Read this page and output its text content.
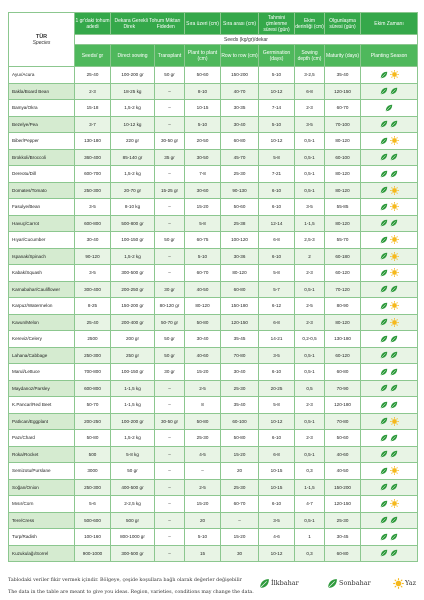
TÜR
Species	1 gr'daki tohum adedi	Dekara Gerekli Tohum Miktarı
Direk Fideden		Sıra üzeri (cm)	Sıra arası (cm)	Tahmini çimlenme süresi (gün)	Ekim derinliği (cm)	Olgunlaşma süresi (gün)	Ekim Zamanı
	Seeds (kg/gr)/dekar								
	Seeds/ gr	Direct sowing	Transplant	Plant to plant (cm)	Row to row (cm)	Germination (days)	Sowing depth (cm)	Maturity (days)	Planting Season
Ayuı/Acura	25-40	100-200 gr	50 gr	50-60	150-200	5-10	3-2,5	35-40	
Bakla/Board Bean	2-3	18-25 kg	–	8-10	40-70	10-12	6-8	120-150	
Bamya/Okra	15-18	1,5-2 kg	–	10-15	30-35	7-14	2-3	60-70	
Bezelye/Pea	3-7	10-12 kg	–	5-10	30-40	5-10	3-5	70-100	
Biber/Pepper	130-180	220 gr	30-50 gr	20-50	60-80	10-12	0,5-1	80-120	
Brokkoli/Broccoli	360-400	85-140 gr	35 gr	30-50	45-70	5-8	0,5-1	60-100	
Dereotu/Dill	600-700	1,5-2 kg	–	7-8	25-30	7-21	0,5-1	80-120	
Domates/Tomato	250-300	20-70 gr	15-25 gr	30-60	90-130	6-10	0,5-1	80-120	
Fasulye/Bean	3-5	8-10 kg	–	15-20	50-60	6-10	3-5	55-85	
Havuç/Carrot	600-800	500-800 gr	–	5-8	25-38	12-14	1-1,5	80-120	
Hıyar/Cucumber	30-40	100-150 gr	50 gr	60-75	100-120	6-8	2,5-3	55-70	
Ispanak/Spinach	90-120	1,5-2 kg	–	5-10	30-36	6-10	2	60-180	
Kabak/Squash	3-5	300-500 gr	–	60-70	80-120	5-8	2-3	60-120	
Karnabahar/Cauliflower	300-400	200-250 gr	30 gr	40-50	60-80	5-7	0,5-1	70-120	
Karpuz/Watermelon	8-25	150-200 gr	80-120 gr	80-120	150-180	6-12	2-5	80-90	
Kavun/Melon	25-40	200-400 gr	50-70 gr	50-80	120-150	6-8	2-3	80-120	
Kereviz/Celery	2500	200 gr	50 gr	30-40	35-45	14-21	0,2-0,5	130-180	
Lahana/Cabbage	250-300	250 gr	50 gr	40-60	70-80	3-5	0,5-1	60-120	
Marul/Lettuce	700-800	100-150 gr	30 gr	15-20	30-40	6-10	0,5-1	60-80	
Maydanoz/Parsley	600-800	1-1,5 kg	–	2-5	25-30	20-25	0,5	70-90	
K.Pancar/Red Beet	50-70	1-1,5 kg	–	8	35-40	5-8	2-3	120-180	
Patlıcan/Eggplant	200-250	100-200 gr	30-50 gr	50-80	60-100	10-12	0,5-1	70-80	
Pazı/Chard	50-80	1,5-2 kg	–	25-30	50-80	6-10	2-3	50-60	
Roka/Rocket	500	5-8 kg	–	4-5	15-20	6-8	0,5-1	40-60	
Semizotu/Purslane	3000	50 gr	–	–	20	10-15	0,3	40-50	
Soğan/Onion	250-300	400-500 gr	–	2-5	25-30	10-15	1-1,5	150-200	
Mısır/Corn	5-6	2-2,5 kg	–	15-20	60-70	6-10	4-7	120-150	
Tere/Cress	500-600	500 gr	–	20	–	3-5	0,5-1	25-30	
Turp/Radish	100-160	800-1000 gr	–	5-10	15-20	4-6	1	30-45	
Kuzukulağı/Sorrel	900-1000	300-500 gr	–	15	30	10-12	0,3	60-80	
Tablodaki veriler fikir vermek içindir. Bölgeye, çeşide koşullara bağlı olarak değerler değişebilir
The data in the table are meant to give you ideas. Region, varieties, conditions may change the data.
İlkbahar	Sonbahar	Yaz
